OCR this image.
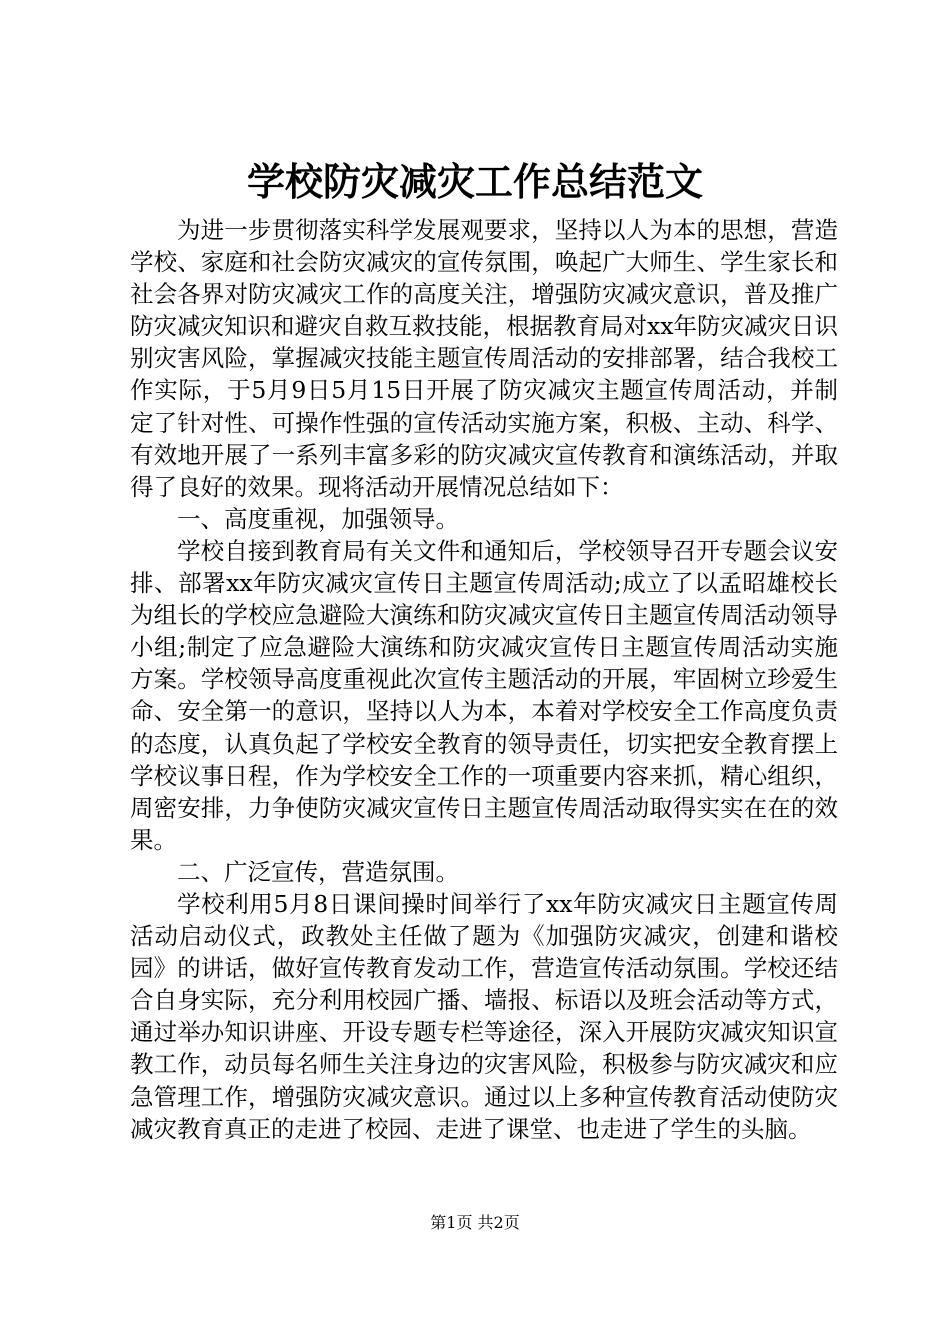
学校防灾减灾工作总结范文

为进一步贯彻落实科学发展观要求，坚持以人为本的思想，营造学校、家庭和社会防灾减灾的宣传氛围，唤起广大师生、学生家长和社会各界对防灾减灾工作的高度关注，增强防灾减灾意识，普及推广防灾减灾知识和避灾自救互救技能，根据教育局对xx年防灾减灾日识别灾害风险，掌握减灾技能主题宣传周活动的安排部署，结合我校工作实际，于5月9日5月15日开展了防灾减灾主题宣传周活动，并制定了针对性、可操作性强的宣传活动实施方案，积极、主动、科学、有效地开展了一系列丰富多彩的防灾减灾宣传教育和演练活动，并取得了良好的效果。现将活动开展情况总结如下：

一、高度重视，加强领导。

学校自接到教育局有关文件和通知后，学校领导召开专题会议安排、部署xx年防灾减灾宣传日主题宣传周活动;成立了以孟昭雄校长为组长的学校应急避险大演练和防灾减灾宣传日主题宣传周活动领导小组;制定了应急避险大演练和防灾减灾宣传日主题宣传周活动实施方案。学校领导高度重视此次宣传主题活动的开展，牢固树立珍爱生命、安全第一的意识，坚持以人为本，本着对学校安全工作高度负责的态度，认真负起了学校安全教育的领导责任，切实把安全教育摆上学校议事日程，作为学校安全工作的一项重要内容来抓，精心组织，周密安排，力争使防灾减灾宣传日主题宣传周活动取得实实在在的效果。

二、广泛宣传，营造氛围。

学校利用5月8日课间操时间举行了xx年防灾减灾日主题宣传周活动启动仪式，政教处主任做了题为《加强防灾减灾，创建和谐校园》的讲话，做好宣传教育发动工作，营造宣传活动氛围。学校还结合自身实际，充分利用校园广播、墙报、标语以及班会活动等方式，通过举办知识讲座、开设专题专栏等途径，深入开展防灾减灾知识宣教工作，动员每名师生关注身边的灾害风险，积极参与防灾减灾和应急管理工作，增强防灾减灾意识。通过以上多种宣传教育活动使防灾减灾教育真正的走进了校园、走进了课堂、也走进了学生的头脑。

第1页 共2页
